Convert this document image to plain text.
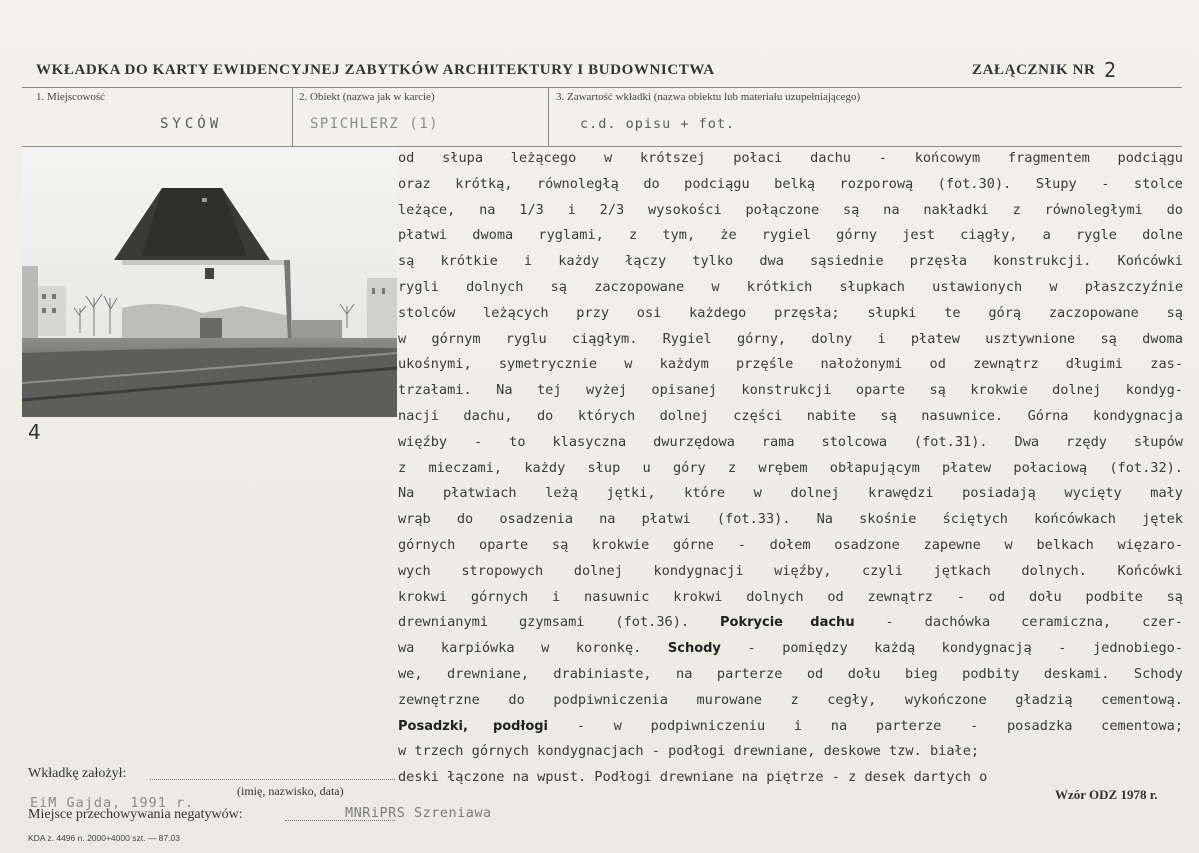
WKŁADKA DO KARTY EWIDENCYJNEJ ZABYTKÓW ARCHITEKTURY I BUDOWNICTWA	ZAŁĄCZNIK NR 2
1. Miejscowość
SYCÓW
2. Obiekt (nazwa jak w karcie)
SPICHLERZ (1)
3. Zawartość wkładki (nazwa obiektu lub materiału uzupełniającego)
c.d. opisu + fot.
4
od słupa leżącego w krótszej połaci dachu - końcowym fragmentem podciągu
oraz krótką, równoległą do podciągu belką rozporową (fot.30). Słupy - stolce
leżące, na 1/3 i 2/3 wysokości połączone są na nakładki z równoległymi do
płatwi dwoma ryglami, z tym, że rygiel górny jest ciągły, a rygle dolne
są krótkie i każdy łączy tylko dwa sąsiednie przęsła konstrukcji. Końcówki
rygli dolnych są zaczopowane w krótkich słupkach ustawionych w płaszczyźnie
stolców leżących przy osi każdego przęsła; słupki te górą zaczopowane są
w górnym ryglu ciągłym. Rygiel górny, dolny i płatew usztywnione są dwoma
ukośnymi, symetrycznie w każdym przęśle nałożonymi od zewnątrz długimi zas-
trzałami. Na tej wyżej opisanej konstrukcji oparte są krokwie dolnej kondyg-
nacji dachu, do których dolnej części nabite są nasuwnice. Górna kondygnacja
więźby - to klasyczna dwurzędowa rama stolcowa (fot.31). Dwa rzędy słupów
z mieczami, każdy słup u góry z wrębem obłapującym płatew połaciową (fot.32).
Na płatwiach leżą jętki, które w dolnej krawędzi posiadają wycięty mały
wrąb do osadzenia na płatwi (fot.33). Na skośnie ściętych końcówkach jętek
górnych oparte są krokwie górne - dołem osadzone zapewne w belkach więzaro-
wych stropowych dolnej kondygnacji więźby, czyli jętkach dolnych. Końcówki
krokwi górnych i nasuwnic krokwi dolnych od zewnątrz - od dołu podbite są
drewnianymi gzymsami (fot.36). Pokrycie dachu - dachówka ceramiczna, czer-
wa karpiówka w koronkę. Schody - pomiędzy każdą kondygnacją - jednobiego-
we, drewniane, drabiniaste, na parterze od dołu bieg podbity deskami. Schody
zewnętrzne do podpiwniczenia murowane z cegły, wykończone gładzią cementową.
Posadzki, podłogi - w podpiwniczeniu i na parterze - posadzka cementowa;
w trzech górnych kondygnacjach - podłogi drewniane, deskowe tzw. białe;
deski łączone na wpust. Podłogi drewniane na piętrze - z desek dartych o
Wkładkę założył:
(imię, nazwisko, data)
EiM Gajda, 1991 r.
Miejsce przechowywania negatywów:	MNRiPRS Szreniawa
KDA z. 4496 n. 2000+4000 szt. — 87.03
Wzór ODZ 1978 r.
